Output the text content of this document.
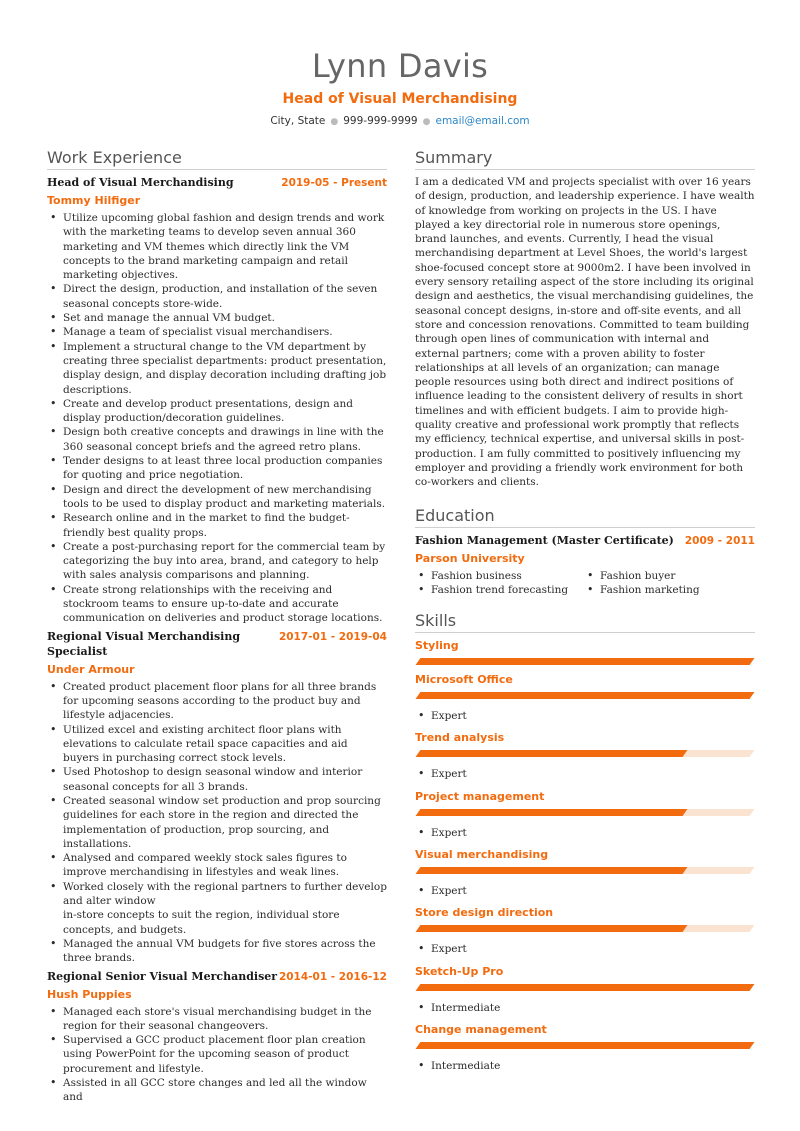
Lynn Davis
Head of Visual Merchandising
City, State ● 999-999-9999 ● email@email.com
Work Experience
Head of Visual Merchandising	2019-05 - Present
Tommy Hilfiger
• Utilize upcoming global fashion and design trends and work with the marketing teams to develop seven annual 360 marketing and VM themes which directly link the VM concepts to the brand marketing campaign and retail marketing objectives.
• Direct the design, production, and installation of the seven seasonal concepts store-wide.
• Set and manage the annual VM budget.
• Manage a team of specialist visual merchandisers.
• Implement a structural change to the VM department by creating three specialist departments: product presentation, display design, and display decoration including drafting job descriptions.
• Create and develop product presentations, design and display production/decoration guidelines.
• Design both creative concepts and drawings in line with the 360 seasonal concept briefs and the agreed retro plans.
• Tender designs to at least three local production companies for quoting and price negotiation.
• Design and direct the development of new merchandising tools to be used to display product and marketing materials.
• Research online and in the market to find the budget-friendly best quality props.
• Create a post-purchasing report for the commercial team by categorizing the buy into area, brand, and category to help with sales analysis comparisons and planning.
• Create strong relationships with the receiving and stockroom teams to ensure up-to-date and accurate communication on deliveries and product storage locations.
Regional Visual Merchandising Specialist
2017-01 - 2019-04
Under Armour
• Created product placement floor plans for all three brands for upcoming seasons according to the product buy and lifestyle adjacencies.
• Utilized excel and existing architect floor plans with elevations to calculate retail space capacities and aid buyers in purchasing correct stock levels.
• Used Photoshop to design seasonal window and interior seasonal concepts for all 3 brands.
• Created seasonal window set production and prop sourcing guidelines for each store in the region and directed the implementation of production, prop sourcing, and installations.
• Analysed and compared weekly stock sales figures to improve merchandising in lifestyles and weak lines.
• Worked closely with the regional partners to further develop and alter window
in-store concepts to suit the region, individual store concepts, and budgets.
• Managed the annual VM budgets for five stores across the three brands.
Regional Senior Visual Merchandiser 2014-01 - 2016-12
Hush Puppies
• Managed each store's visual merchandising budget in the region for their seasonal changeovers.
• Supervised a GCC product placement floor plan creation using PowerPoint for the upcoming season of product procurement and lifestyle.
• Assisted in all GCC store changes and led all the window and
Summary
I am a dedicated VM and projects specialist with over 16 years of design, production, and leadership experience. I have wealth of knowledge from working on projects in the US. I have played a key directorial role in numerous store openings, brand launches, and events. Currently, I head the visual merchandising department at Level Shoes, the world's largest shoe-focused concept store at 9000m2. I have been involved in every sensory retailing aspect of the store including its original design and aesthetics, the visual merchandising guidelines, the seasonal concept designs, in-store and off-site events, and all store and concession renovations. Committed to team building through open lines of communication with internal and external partners; come with a proven ability to foster relationships at all levels of an organization; can manage people resources using both direct and indirect positions of influence leading to the consistent delivery of results in short timelines and with efficient budgets. I aim to provide high-quality creative and professional work promptly that reflects my efficiency, technical expertise, and universal skills in post-production. I am fully committed to positively influencing my employer and providing a friendly work environment for both co-workers and clients.
Education
Fashion Management (Master Certificate) 2009 - 2011
Parson University
• Fashion business	• Fashion buyer
• Fashion trend forecasting	• Fashion marketing
Skills
Styling
Microsoft Office
• Expert
Trend analysis
• Expert
Project management
• Expert
Visual merchandising
• Expert
Store design direction
• Expert
Sketch-Up Pro
• Intermediate
Change management
• Intermediate
